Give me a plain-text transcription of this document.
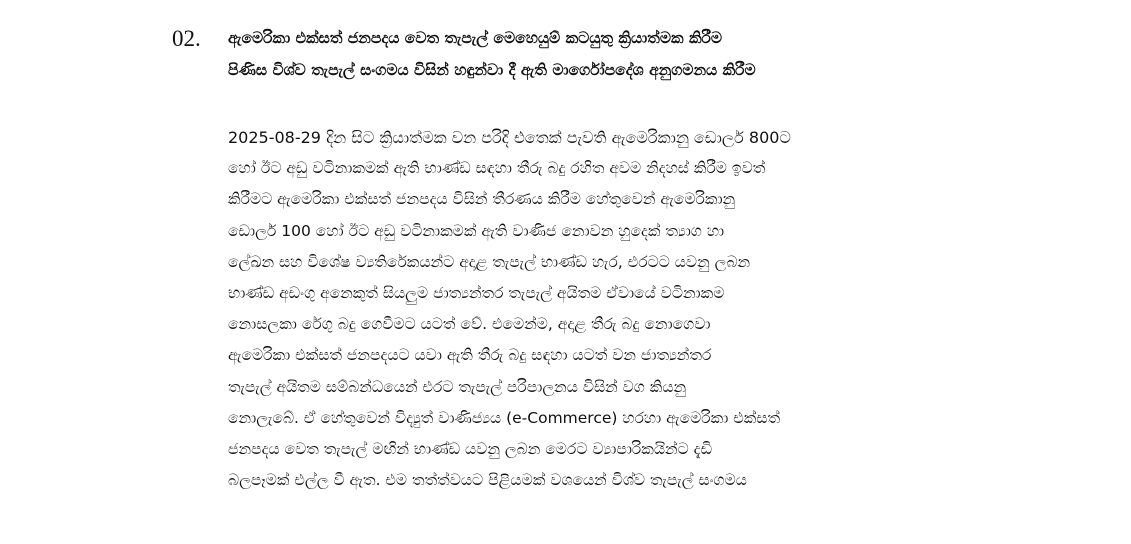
02. ඇමෙරිකා එක්සත් ජනපදය වෙත තැපැල් මෙහෙයුම් කටයුතු ක්‍රියාත්මක කිරීම
පිණිස විශ්ව තැපැල් සංගමය විසින් හඳුන්වා දී ඇති මාර්ගෝපදේශ අනුගමනය කිරීම
2025-08-29 දින සිට ක්‍රියාත්මක වන පරිදි එතෙක් පැවති ඇමෙරිකානු ඩොලර් 800ට
හෝ ඊට අඩු වටිනාකමක් ඇති භාණ්ඩ සඳහා තීරු බදු රහිත අවම නිදහස් කිරීම ඉවත්
කිරීමට ඇමෙරිකා එක්සත් ජනපදය විසින් තීරණය කිරීම හේතුවෙන් ඇමෙරිකානු
ඩොලර් 100 හෝ ඊට අඩු වටිනාකමක් ඇති වාණිජ නොවන හුදෙක් ත්‍යාග හා
ලේඛන සහ විශේෂ ව්‍යතිරේකයන්ට අදාළ තැපැල් භාණ්ඩ හැර, එරටට යවනු ලබන
භාණ්ඩ අඩංගු අනෙකුත් සියලුම ජාත්‍යන්තර තැපැල් අයිතම ඒවායේ වටිනාකම
නොසලකා රේගු බදු ගෙවීමට යටත් වේ. එමෙන්ම, අදාළ තීරු බදු නොගෙවා
ඇමෙරිකා එක්සත් ජනපදයට යවා ඇති තීරු බදු සඳහා යටත් වන ජාත්‍යන්තර
තැපැල් අයිතම සම්බන්ධයෙන් එරට තැපැල් පරිපාලනය විසින් වග කියනු
නොලැබේ. ඒ හේතුවෙන් විද්‍යුත් වාණිජ්‍යය (e-Commerce) හරහා ඇමෙරිකා එක්සත්
ජනපදය වෙත තැපැල් මඟින් භාණ්ඩ යවනු ලබන මෙරට ව්‍යාපාරිකයින්ට දැඩි
බලපෑමක් එල්ල වී ඇත. එම තත්ත්වයට පිළියමක් වශයෙන් විශ්ව තැපැල් සංගමය
